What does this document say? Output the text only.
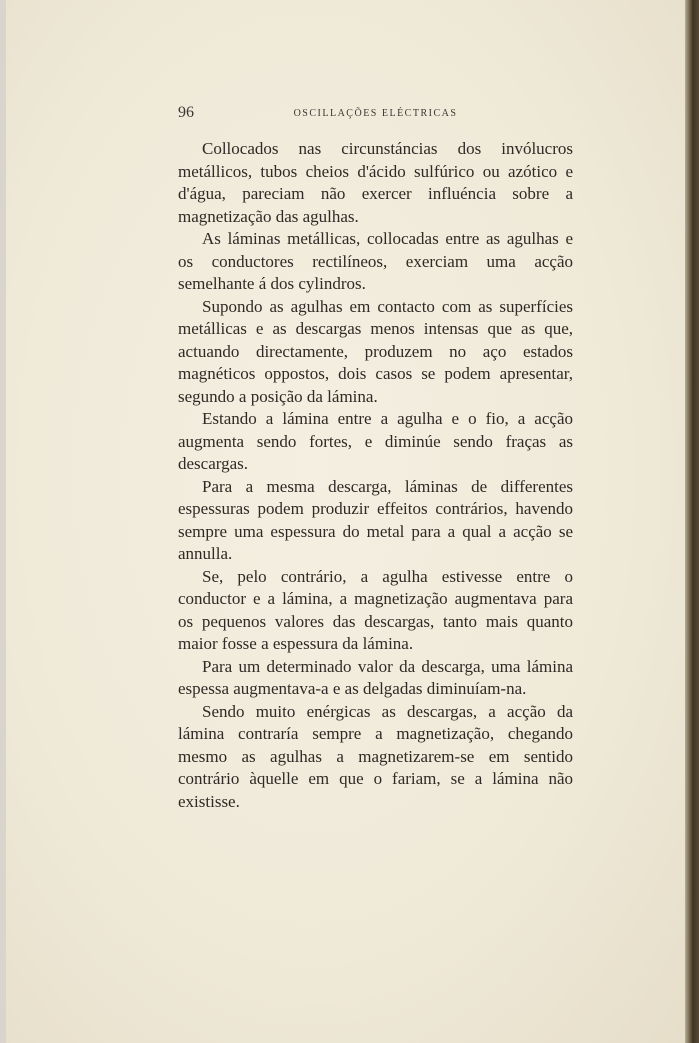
96	OSCILLAÇÕES ELÉCTRICAS

Collocados nas circunstáncias dos invólucros metállicos, tubos cheios d'ácido sulfúrico ou azótico e d'água, pareciam não exercer influéncia sobre a magnetização das agulhas.

As láminas metállicas, collocadas entre as agulhas e os conductores rectilíneos, exerciam uma acção semelhante á dos cylindros.

Supondo as agulhas em contacto com as superfícies metállicas e as descargas menos intensas que as que, actuando directamente, produzem no aço estados magnéticos oppostos, dois casos se podem apresentar, segundo a posição da lámina.

Estando a lámina entre a agulha e o fio, a acção augmenta sendo fortes, e diminúe sendo fraças as descargas.

Para a mesma descarga, láminas de differentes espessuras podem produzir effeitos contrários, havendo sempre uma espessura do metal para a qual a acção se annulla.

Se, pelo contrário, a agulha estivesse entre o conductor e a lámina, a magnetização augmentava para os pequenos valores das descargas, tanto mais quanto maior fosse a espessura da lámina.

Para um determinado valor da descarga, uma lámina espessa augmentava-a e as delgadas diminuíam-na.

Sendo muito enérgicas as descargas, a acção da lámina contraría sempre a magnetização, chegando mesmo as agulhas a magnetizarem-se em sentido contrário àquelle em que o fariam, se a lámina não existisse.
